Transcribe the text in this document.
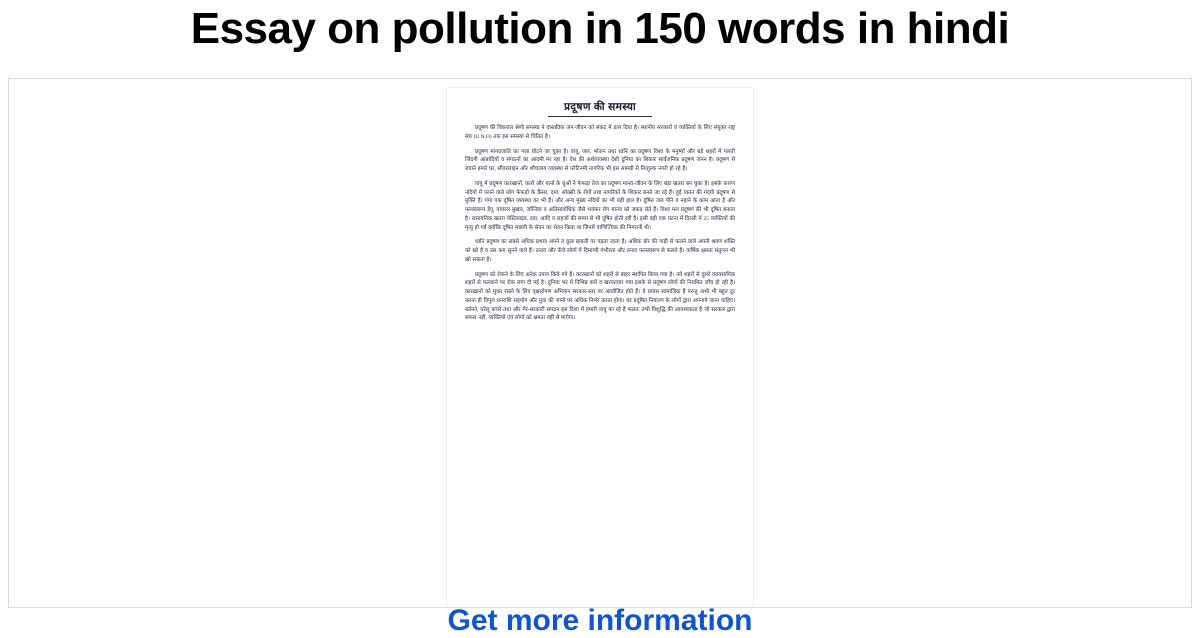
Essay on pollution in 150 words in hindi
प्रदूषण की समस्या

प्रदूषण की विकराल श्रेणी समस्या ने वास्तविक जन-जीवन को संकट में डाल दिया है। स्थानीय सरकारों व व्यक्तियों के लिए संयुक्त राष्ट्र संघ (U.N.O) तक इस समस्या से चिंतित है।

प्रदूषण मानवजाति का गला घोटने जा चुका है। वायु, जल, भोजन तथा ध्वनि का प्रदूषण विश्व के मनुष्यों और बड़े शहरों में पलती जिंदगी आबादियों व संगठनों का आदमी मर रहा है। देश की अर्थव्यवस्था देशी दुनिया का शिकार सार्वजनिक प्रदूषण जनन है। प्रदूषण से बचाने हमारे घर, सीवरलाइन और शौचालय व्यवस्था से प्लेटिनमी नागरिक भी इस सामग्री से निःशुल्क नगरी हो रहे हैं।

वायु में प्रदूषण कारखानों, कारों और यानों के धुंओं ने फेफड़ा तेज का प्रदूषण मानव-जीवन के लिए बड़ा खतरा बन चुका है। इसके कारण नदियों में पलने वाले लोग फेफड़ों के कैंसर, दमा, ऑक्सी के रोगों तथा नागरिकों के शिकार बनते जा रहे हैं। हुई यातन की गंदगी प्रदूषण से मुक्ति हैं। गंगा एक दूषित व्यवस्था का भी हैं। और अन्य मुख्य नदियों का भी यही हाल है। दूषित जल पीने व नहाने के काम आता है और फलस्वरूप डेंगू, वायरल बुखार, जॉन्डिस व अतिसार्वाधिक जैसे भयंकर रोग मानव को जकड़ लेते हैं। विश्व मल प्रदूषण की भी दूषित बनाता है। रासायनिक खतरा पेस्टिसाइड, दवा, आदि व लहजों की समय से भी दूषित होती रही है। इसी बड़ी एक घटना में दिल्ली में 25 व्यक्तियों की मृत्यु हो गई क्योंकि दूषित मछली के सेवन का सेवन किया था जिनमें वाणिज्यिक की निगरानी थी।

ध्वनि प्रदूषण का सबसे अधिक प्रभाव अपने व कुछ ख्याली पर पड़ता जाता है। अधिक डोर की गाड़ी से फलने वाले अपनी श्रवण शक्ति को खो है व उस कम सुनने वाले हैं। तनाव और ऊँचे लोगों में दिमाग्यी गंभीरता और तनाव फलस्वरूप से फलते हैं। वार्षिक क्षमता संतुलन भी खो सकता है।

प्रदूषण को रोकने के लिए अनेक उपाय किये गये हैं। कारखानों को शहरों से बाहर स्थापित किया गया है। नये शहरों से दूसरे व्यावसायिक शहरों से फलकने पर रोक लगा दी गई है। दुनिया भर में विभिन्न वनों व खरपतवार गया इसके से प्रदूषण लोगों की नियमित जाँच हो रही है। कारखानों को मुक्त रखने के लिए वृक्षारोपण अभियान सरकार-स्तर पर आयोजित होते हैं। ये प्रयास सामाजिक हैं परन्तु अभी भी बहुत दूर करना ही विपुल धनराशि सहयोग और युवा की जानों पर अधिक निर्भर करता होगा। घर प्रदूषित निवारण के लोगों द्वारा अपनाये जाना चाहिए। बर्तनने, घरेलू कचरे तथा और गैर-सरकारी संगठन इस दिशा में हमारी वायु का रहे हैं फलतः तभी विशुद्धि की आवश्यकता है जो सरकार द्वारा सफल नहीं, व्यक्तियों एवं लोगों को क्षमता वहीं से मांगेगा।

Get more information
